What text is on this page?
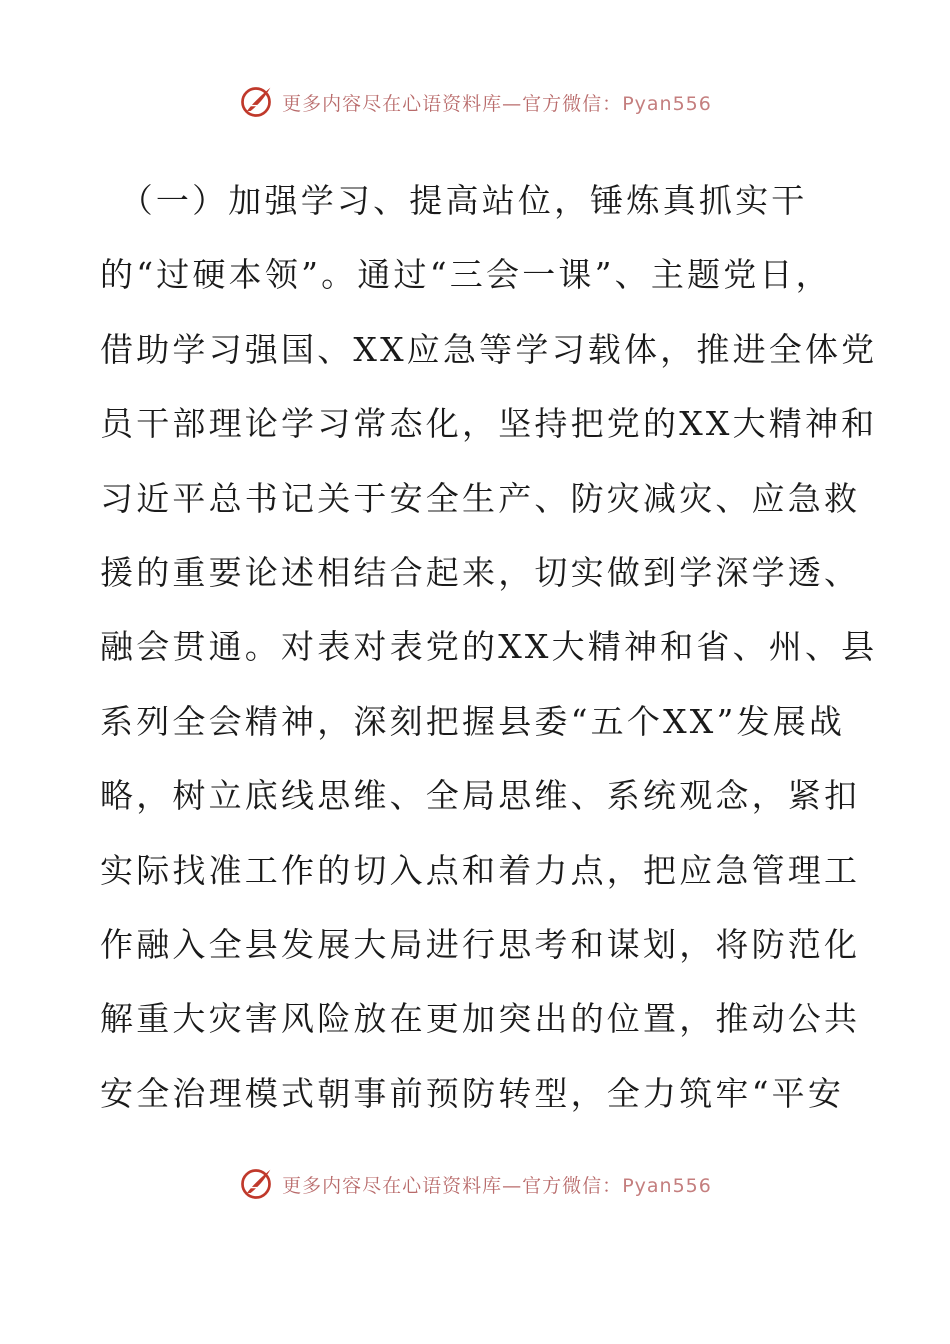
更多内容尽在心语资料库—官方微信：Pyan556
　（一）加强学习、提高站位，锤炼真抓实干
的“过硬本领”。通过“三会一课”、主题党日，
借助学习强国、XX应急等学习载体，推进全体党
员干部理论学习常态化，坚持把党的XX大精神和
习近平总书记关于安全生产、防灾减灾、应急救
援的重要论述相结合起来，切实做到学深学透、
融会贯通。对表对表党的XX大精神和省、州、县
系列全会精神，深刻把握县委“五个XX”发展战
略，树立底线思维、全局思维、系统观念，紧扣
实际找准工作的切入点和着力点，把应急管理工
作融入全县发展大局进行思考和谋划，将防范化
解重大灾害风险放在更加突出的位置，推动公共
安全治理模式朝事前预防转型，全力筑牢“平安
更多内容尽在心语资料库—官方微信：Pyan556
